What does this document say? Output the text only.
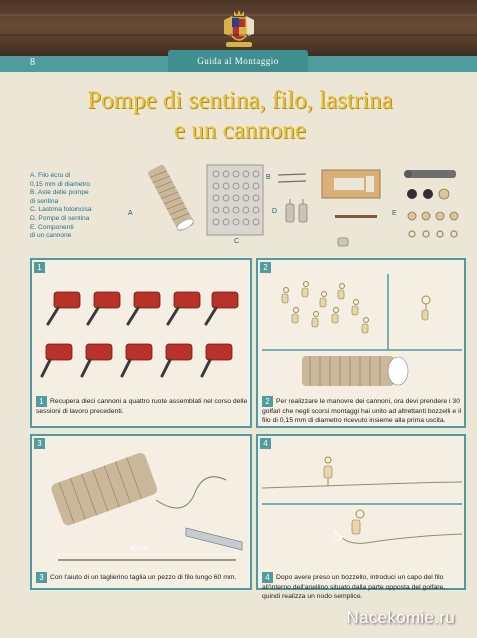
Guida al Montaggio
8
Pompe di sentina, filo, lastrina
e un cannone
A. Filo écru di
0,15 mm di diametro
B. Aste delle pompe
di sentina
C. Lastrina fotoincisa
D. Pompe di sentina
E. Componenti
di un cannone
A
C
B
D	E
1
1 Recupera dieci cannoni a quattro ruote assemblati nel corso delle sessioni di lavoro precedenti.
2
2 Per realizzare le manovre dei cannoni, ora devi prendere i 30 golfari che negli scorsi montaggi hai unito ad altrettanti bozzelli e il filo di 0,15 mm di diametro ricevuto insieme alla prima uscita.
3
60 mm
3 Con l'aiuto di un taglierino taglia un pezzo di filo lungo 60 mm.
4
4 Dopo avere preso un bozzello, introduci un capo del filo all'interno dell'anellino situato dalla parte opposta del golfare, quindi realizza un nodo semplice.
Nacekomie.ru
